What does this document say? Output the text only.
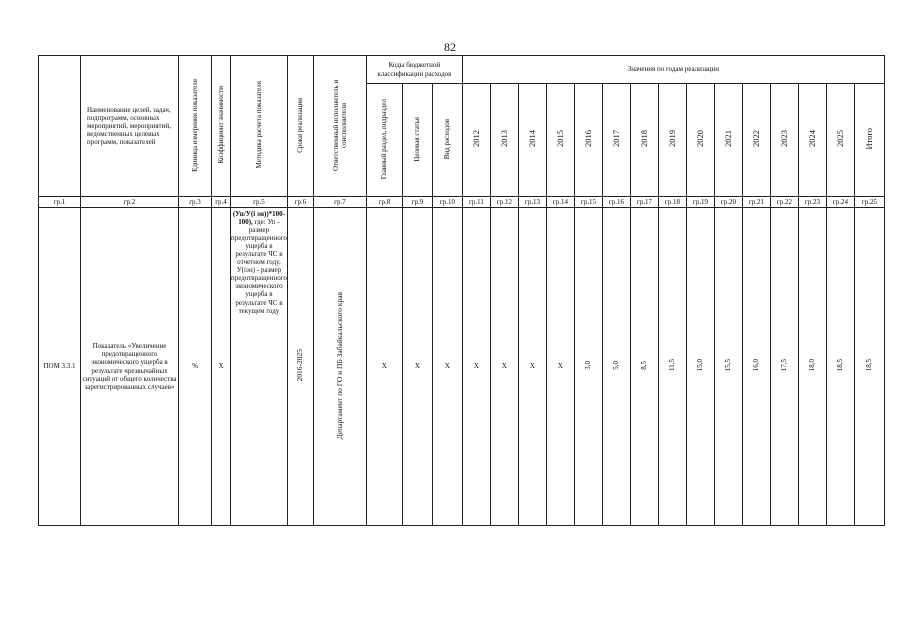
82
	Наименование целей, задач, подпрограмм, основных мероприятий, мероприятий, ведомственных целевых программ, показателей	Единица измерения показателя	Коэффициент значимости	Методика расчета показателя	Сроки реализации	Ответственный исполнитель и соисполнители	Коды бюджетной классификации расходов			Значения по годам реализации														
							Главный раздел, подраздел	Целевая статья	Вид расходов	2012	2013	2014	2015	2016	2017	2018	2019	2020	2021	2022	2023	2024	2025	Итого
гр.1	гр.2	гр.3	гр.4	гр.5	гр.6	гр.7	гр.8	гр.9	гр.10	гр.11	гр.12	гр.13	гр.14	гр.15	гр.16	гр.17	гр.18	гр.19	гр.20	гр.21	гр.22	гр.23	гр.24	гр.25
ПОМ 3.3.1	Показатель «Увеличение предотвращенного экономического ущерба в результате чрезвычайных ситуаций от общего количества зарегистрированных случаев»	%	Х	(Уп/У(i эн))*100-100), где: Уп - размер предотвращенного ущерба в результате ЧС в отчетном году, У(iэн) - размер предотвращенного экономического ущерба в результате ЧС в текущем году	2016-2025	Департамент по ГО и ПБ Забайкальского края	Х	Х	Х	Х	Х	Х	Х	3,0	5,0	8,5	11,5	15,0	15,5	16,0	17,5	18,0	18,5	18,5
